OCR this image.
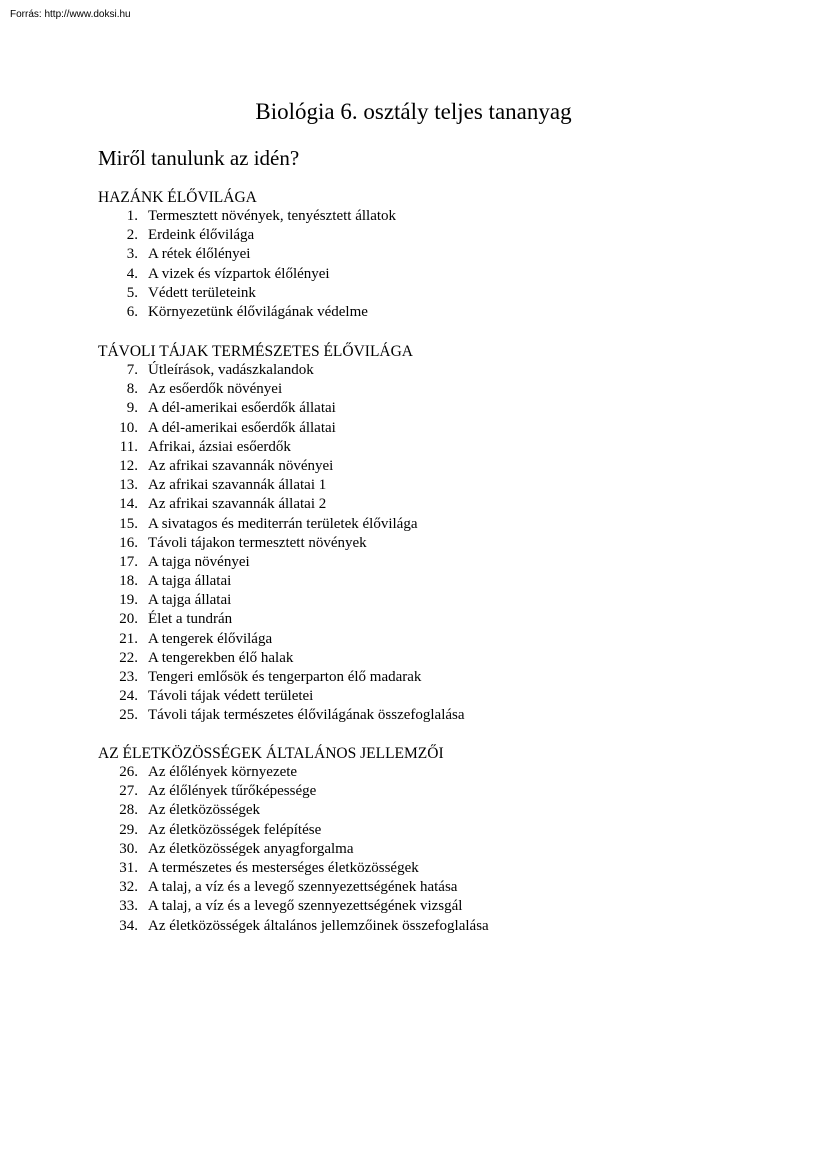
Forrás: http://www.doksi.hu
Biológia 6. osztály teljes tananyag
Miről tanulunk az idén?
HAZÁNK ÉLŐVILÁGA
1. Termesztett növények, tenyésztett állatok
2. Erdeink élővilága
3. A rétek élőlényei
4. A vizek és vízpartok élőlényei
5. Védett területeink
6. Környezetünk élővilágának védelme
TÁVOLI TÁJAK TERMÉSZETES ÉLŐVILÁGA
7. Útleírások, vadászkalandok
8. Az esőerdők növényei
9. A dél-amerikai esőerdők állatai
10. A dél-amerikai esőerdők állatai
11. Afrikai, ázsiai esőerdők
12. Az afrikai szavannák növényei
13. Az afrikai szavannák állatai 1
14. Az afrikai szavannák állatai 2
15. A sivatagos és mediterrán területek élővilága
16. Távoli tájakon termesztett növények
17. A tajga növényei
18. A tajga állatai
19. A tajga állatai
20. Élet a tundrán
21. A tengerek élővilága
22. A tengerekben élő halak
23. Tengeri emlősök és tengerparton élő madarak
24. Távoli tájak védett területei
25. Távoli tájak természetes élővilágának összefoglalása
AZ ÉLETKÖZÖSSÉGEK ÁLTALÁNOS JELLEMZŐI
26. Az élőlények környezete
27. Az élőlények tűrőképessége
28. Az életközösségek
29. Az életközösségek felépítése
30. Az életközösségek anyagforgalma
31. A természetes és mesterséges életközösségek
32. A talaj, a víz és a levegő szennyezettségének hatása
33. A talaj, a víz és a levegő szennyezettségének vizsgál
34. Az életközösségek általános jellemzőinek összefoglalása
